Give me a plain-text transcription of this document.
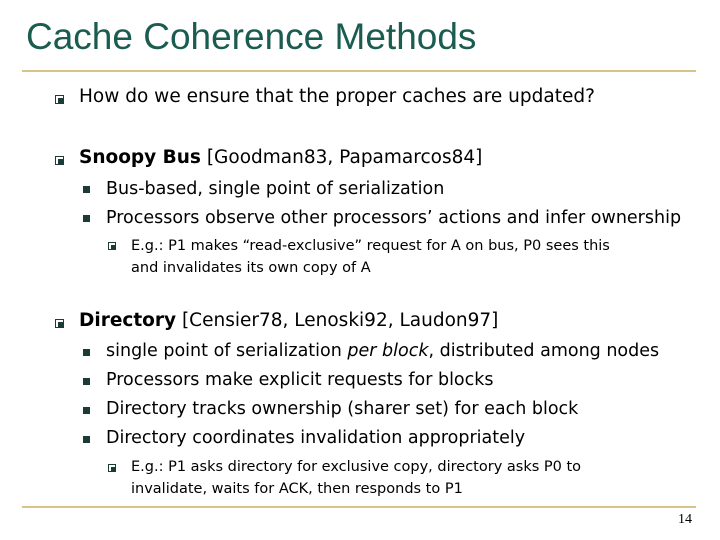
Cache Coherence Methods
How do we ensure that the proper caches are updated?
Snoopy Bus [Goodman83, Papamarcos84]
Bus-based, single point of serialization
Processors observe other processors’ actions and infer ownership
E.g.: P1 makes “read-exclusive” request for A on bus, P0 sees this
and invalidates its own copy of A
Directory [Censier78, Lenoski92, Laudon97]
single point of serialization per block, distributed among nodes
Processors make explicit requests for blocks
Directory tracks ownership (sharer set) for each block
Directory coordinates invalidation appropriately
E.g.: P1 asks directory for exclusive copy, directory asks P0 to
invalidate, waits for ACK, then responds to P1
14
